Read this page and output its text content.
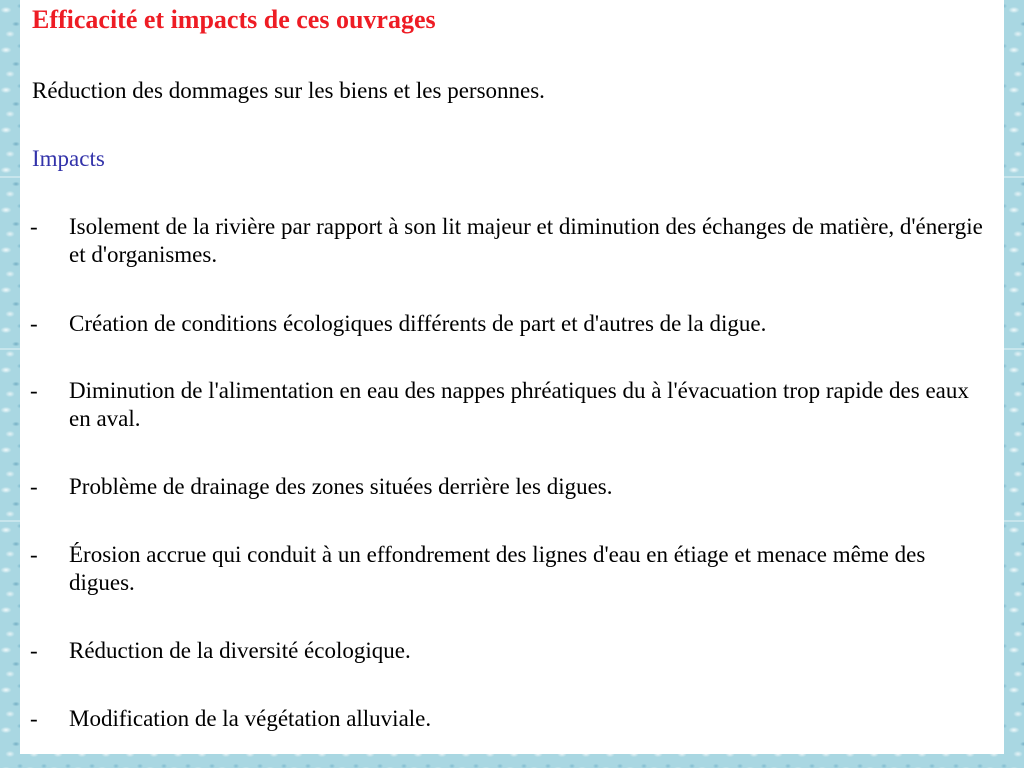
Efficacité et impacts de ces ouvrages

Réduction des dommages sur les biens et les personnes.

Impacts

- Isolement de la rivière par rapport à son lit majeur et diminution des échanges de matière, d'énergie et d'organismes.
- Création de conditions écologiques différents de part et d'autres de la digue.
- Diminution de l'alimentation en eau des nappes phréatiques du à l'évacuation trop rapide des eaux en aval.
- Problème de drainage des zones situées derrière les digues.
- Érosion accrue qui conduit à un effondrement des lignes d'eau en étiage et menace même des digues.
- Réduction de la diversité écologique.
- Modification de la végétation alluviale.
